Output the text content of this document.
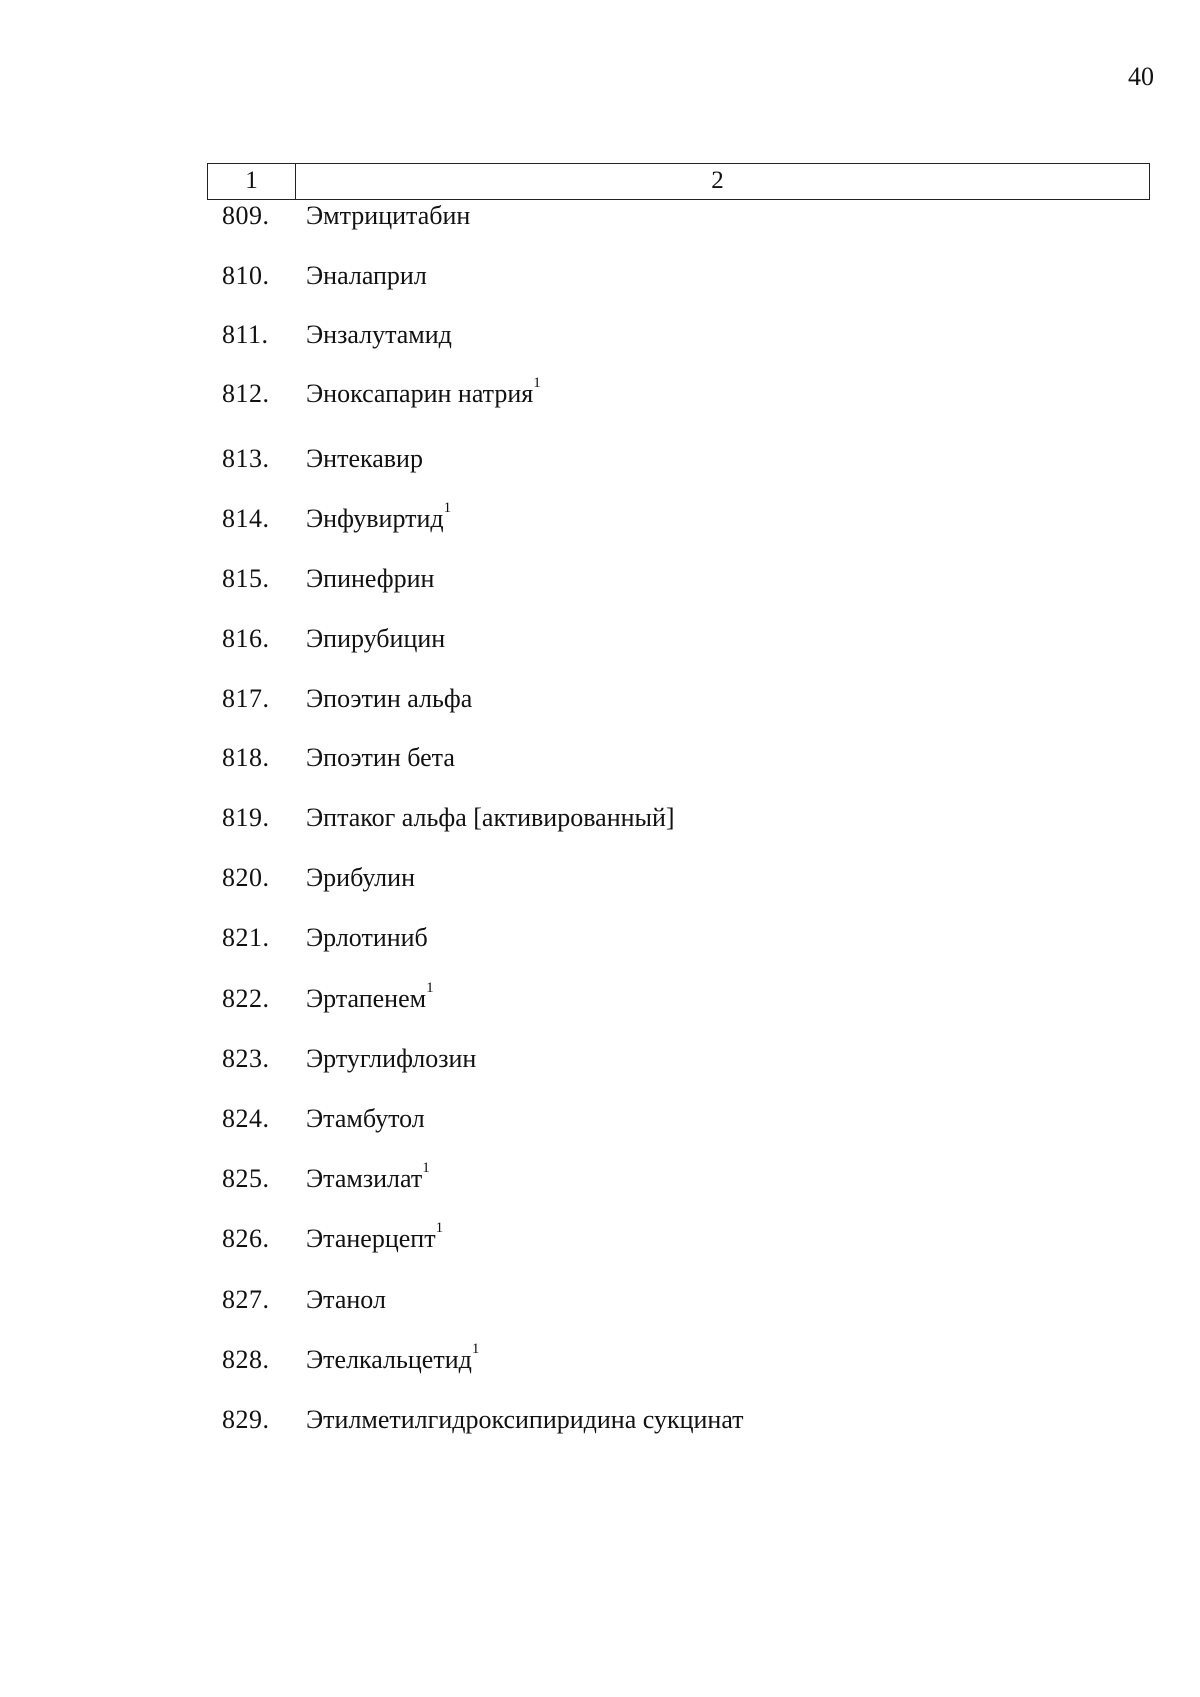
40
1	2
809.	Эмтрицитабин
810.	Эналаприл
811.	Энзалутамид
812.	Эноксапарин натрия$^1$
813.	Энтекавир
814.	Энфувиртид$^1$
815.	Эпинефрин
816.	Эпирубицин
817.	Эпоэтин альфа
818.	Эпоэтин бета
819.	Эптаког альфа [активированный]
820.	Эрибулин
821.	Эрлотиниб
822.	Эртапенем$^1$
823.	Эртуглифлозин
824.	Этамбутол
825.	Этамзилат$^1$
826.	Этанерцепт$^1$
827.	Этанол
828.	Этелкальцетид$^1$
829.	Этилметилгидроксипиридина сукцинат
